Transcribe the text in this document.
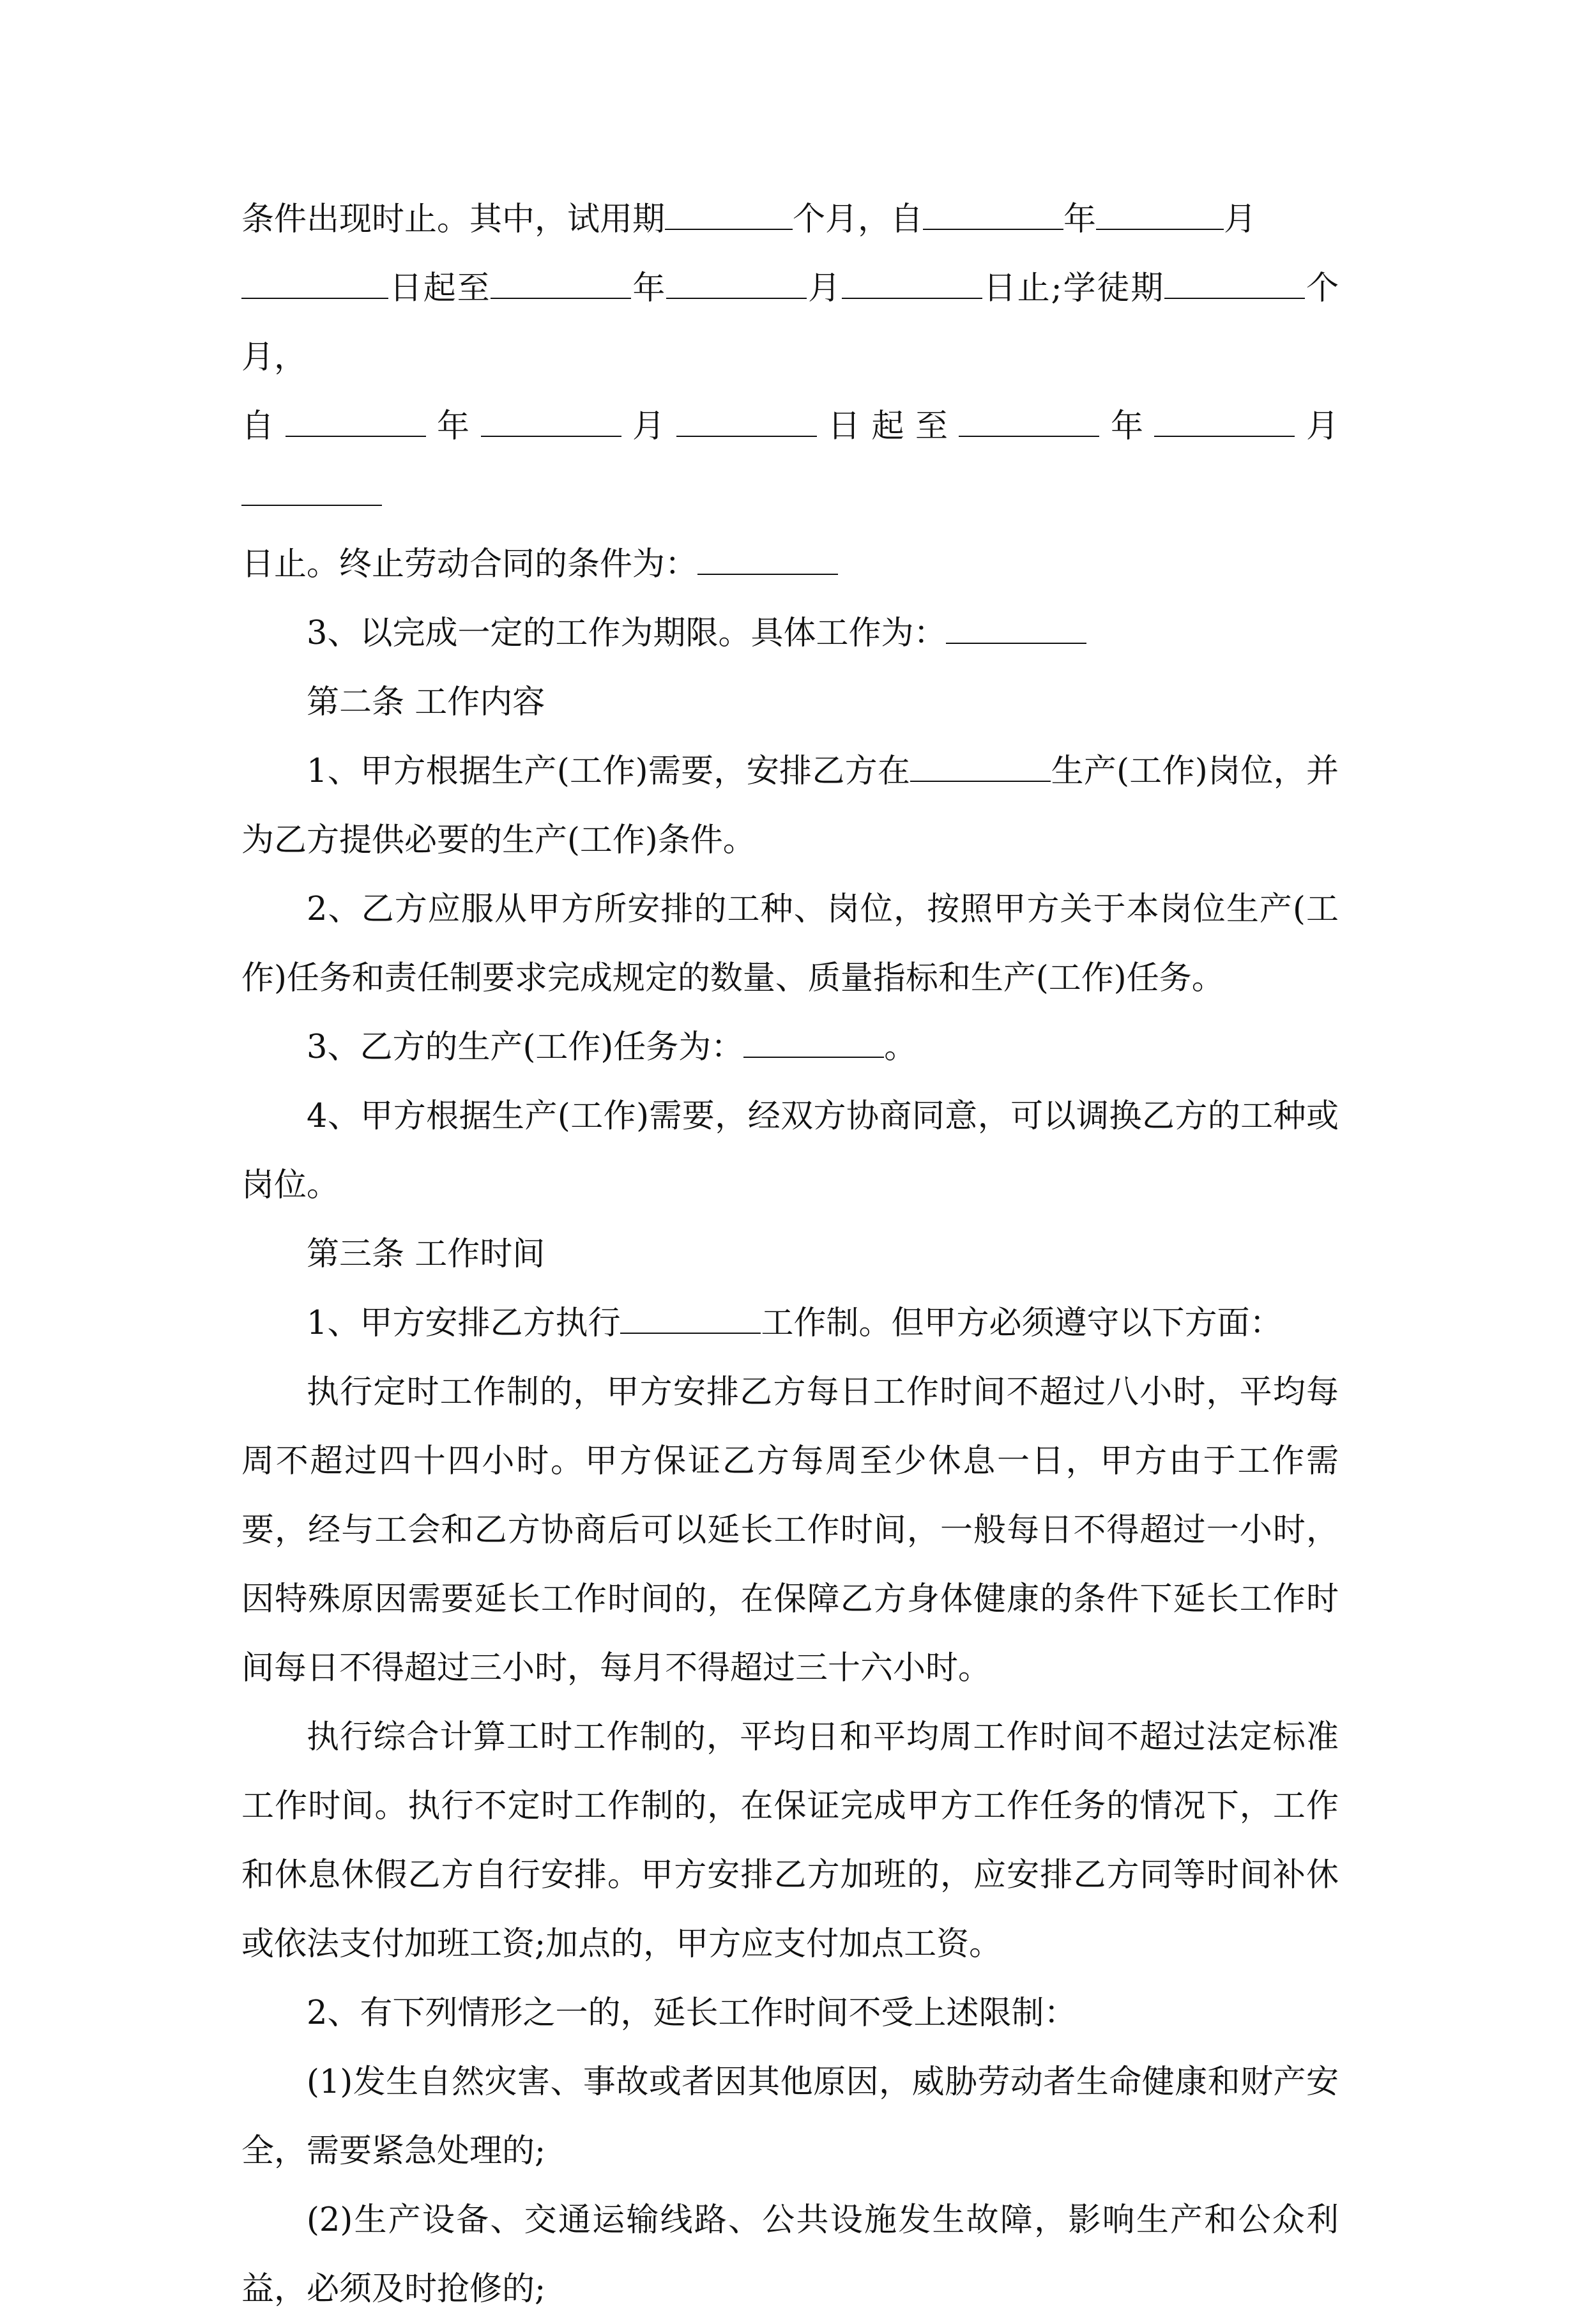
条件出现时止。其中，试用期	个月，自	年	月

日起至	年	月	日止;学徒期	个月，

自	年	月	日起至	年	月

日止。终止劳动合同的条件为：

3、以完成一定的工作为期限。具体工作为：

第二条 工作内容

1、甲方根据生产(工作)需要，安排乙方在	生产(工作)岗位，并为乙方提供必要的生产(工作)条件。

2、乙方应服从甲方所安排的工种、岗位，按照甲方关于本岗位生产(工作)任务和责任制要求完成规定的数量、质量指标和生产(工作)任务。

3、乙方的生产(工作)任务为：	。

4、甲方根据生产(工作)需要，经双方协商同意，可以调换乙方的工种或岗位。

第三条 工作时间

1、甲方安排乙方执行	工作制。但甲方必须遵守以下方面：

执行定时工作制的，甲方安排乙方每日工作时间不超过八小时，平均每周不超过四十四小时。甲方保证乙方每周至少休息一日，甲方由于工作需要，经与工会和乙方协商后可以延长工作时间，一般每日不得超过一小时，因特殊原因需要延长工作时间的，在保障乙方身体健康的条件下延长工作时间每日不得超过三小时，每月不得超过三十六小时。

执行综合计算工时工作制的，平均日和平均周工作时间不超过法定标准工作时间。执行不定时工作制的，在保证完成甲方工作任务的情况下，工作和休息休假乙方自行安排。甲方安排乙方加班的，应安排乙方同等时间补休或依法支付加班工资;加点的，甲方应支付加点工资。

2、有下列情形之一的，延长工作时间不受上述限制：

(1)发生自然灾害、事故或者因其他原因，威胁劳动者生命健康和财产安全，需要紧急处理的;

(2)生产设备、交通运输线路、公共设施发生故障，影响生产和公众利益，必须及时抢修的;
